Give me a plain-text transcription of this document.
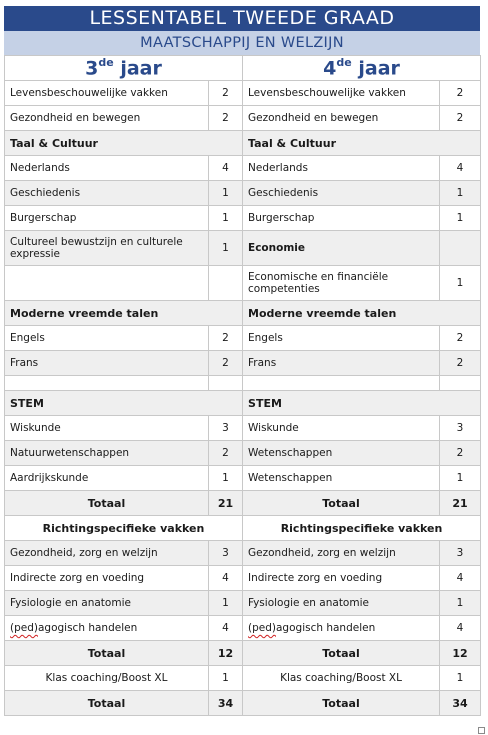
LESSENTABEL TWEEDE GRAAD
MAATSCHAPPIJ EN WELZIJN
3de jaar		4de jaar	
Levensbeschouwelijke vakken	2	Levensbeschouwelijke vakken	2
Gezondheid en bewegen	2	Gezondheid en bewegen	2
Taal & Cultuur		Taal & Cultuur	
Nederlands	4	Nederlands	4
Geschiedenis	1	Geschiedenis	1
Burgerschap	1	Burgerschap	1
Cultureel bewustzijn en culturele expressie	1	Economie	
		Economische en financiële competenties	1
Moderne vreemde talen		Moderne vreemde talen	
Engels	2	Engels	2
Frans	2	Frans	2

STEM		STEM	
Wiskunde	3	Wiskunde	3
Natuurwetenschappen	2	Wetenschappen	2
Aardrijkskunde	1	Wetenschappen	1
Totaal	21	Totaal	21
Richtingspecifieke vakken		Richtingspecifieke vakken	
Gezondheid, zorg en welzijn	3	Gezondheid, zorg en welzijn	3
Indirecte zorg en voeding	4	Indirecte zorg en voeding	4
Fysiologie en anatomie	1	Fysiologie en anatomie	1
(ped)agogisch handelen	4	(ped)agogisch handelen	4
Totaal	12	Totaal	12
Klas coaching/Boost XL	1	Klas coaching/Boost XL	1
Totaal	34	Totaal	34
